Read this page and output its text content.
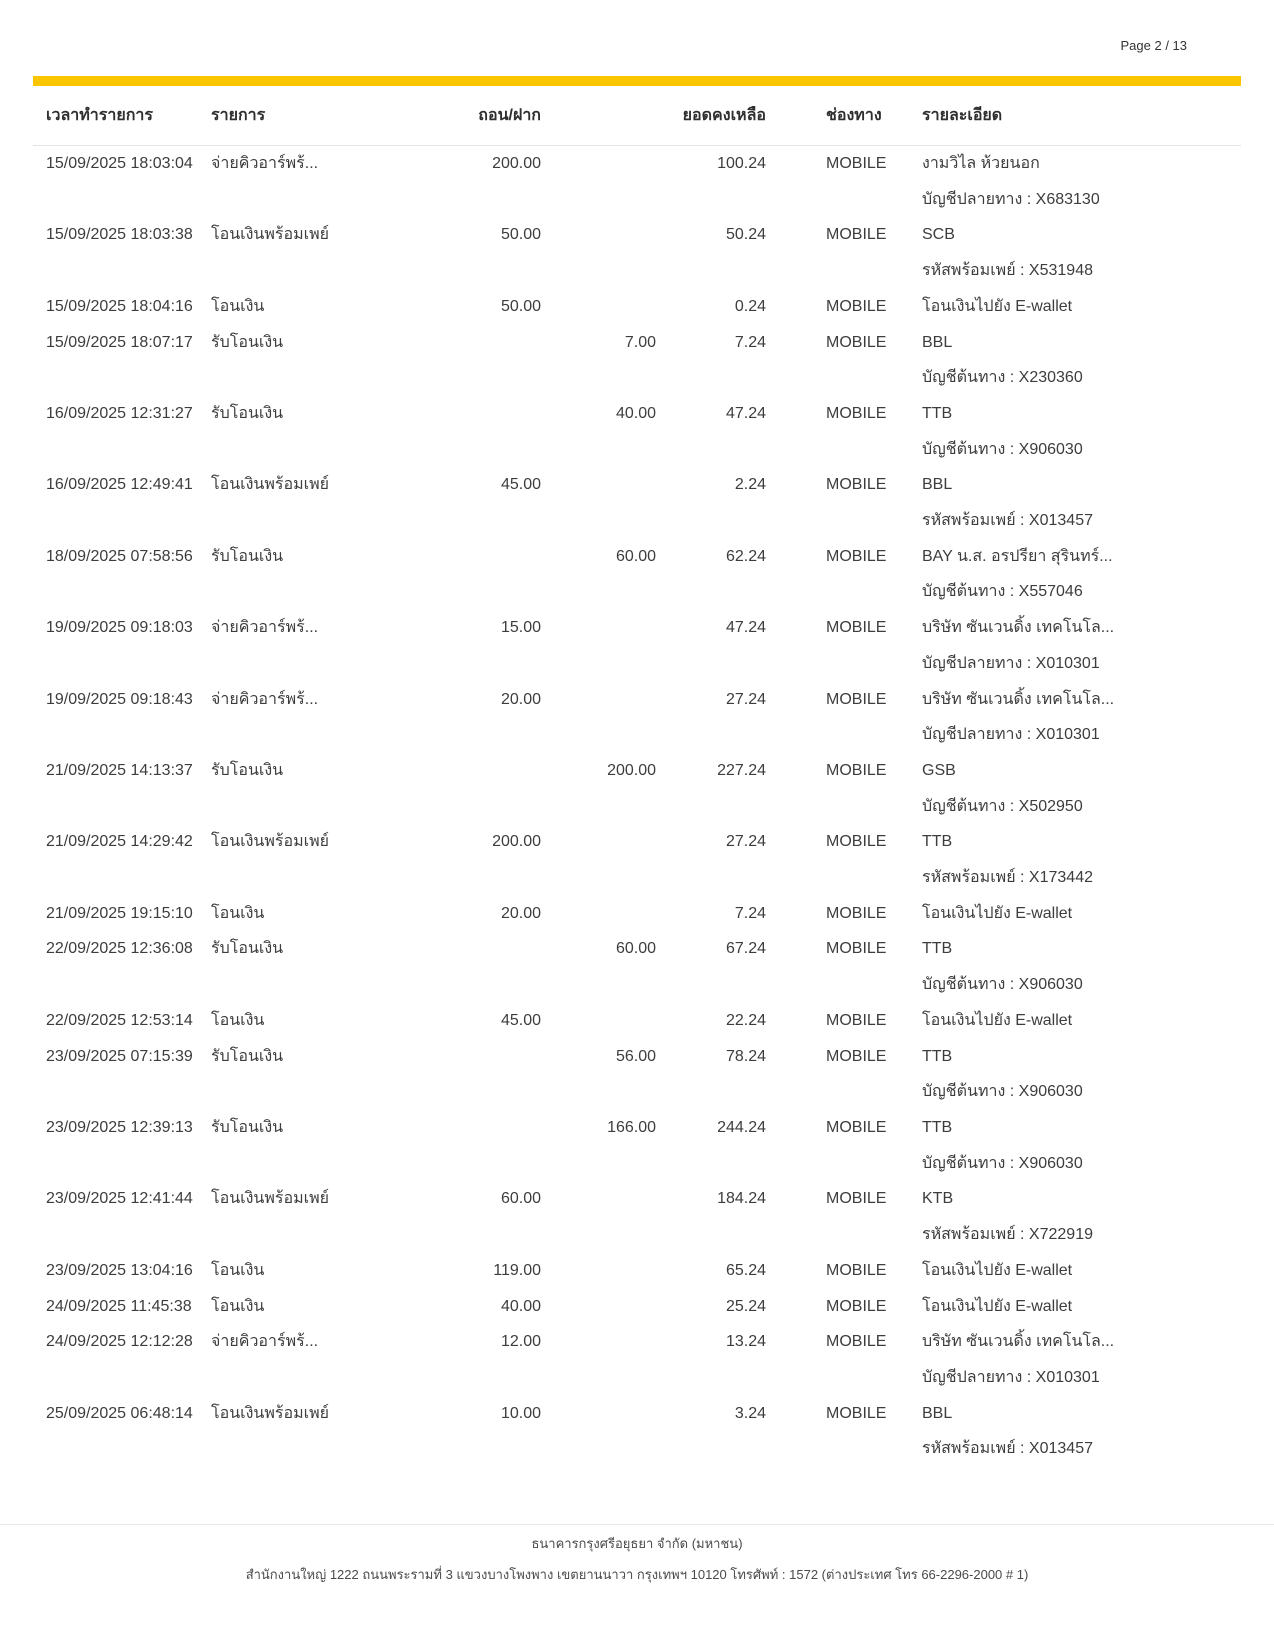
Page 2 / 13
เวลาทำรายการ	รายการ	ถอน/ฝาก	ยอดคงเหลือ	ช่องทาง	รายละเอียด
15/09/2025 18:03:04	จ่ายคิวอาร์พร้...	200.00	100.24	MOBILE	งามวิไล ห้วยนอก
บัญชีปลายทาง : X683130
15/09/2025 18:03:38	โอนเงินพร้อมเพย์	50.00	50.24	MOBILE	SCB
รหัสพร้อมเพย์ : X531948
15/09/2025 18:04:16	โอนเงิน	50.00	0.24	MOBILE	โอนเงินไปยัง E-wallet
15/09/2025 18:07:17	รับโอนเงิน	7.00	7.24	MOBILE	BBL
บัญชีต้นทาง : X230360
16/09/2025 12:31:27	รับโอนเงิน	40.00	47.24	MOBILE	TTB
บัญชีต้นทาง : X906030
16/09/2025 12:49:41	โอนเงินพร้อมเพย์	45.00	2.24	MOBILE	BBL
รหัสพร้อมเพย์ : X013457
18/09/2025 07:58:56	รับโอนเงิน	60.00	62.24	MOBILE	BAY น.ส. อรปรียา สุรินทร์...
บัญชีต้นทาง : X557046
19/09/2025 09:18:03	จ่ายคิวอาร์พร้...	15.00	47.24	MOBILE	บริษัท ซันเวนดิ้ง เทคโนโล...
บัญชีปลายทาง : X010301
19/09/2025 09:18:43	จ่ายคิวอาร์พร้...	20.00	27.24	MOBILE	บริษัท ซันเวนดิ้ง เทคโนโล...
บัญชีปลายทาง : X010301
21/09/2025 14:13:37	รับโอนเงิน	200.00	227.24	MOBILE	GSB
บัญชีต้นทาง : X502950
21/09/2025 14:29:42	โอนเงินพร้อมเพย์	200.00	27.24	MOBILE	TTB
รหัสพร้อมเพย์ : X173442
21/09/2025 19:15:10	โอนเงิน	20.00	7.24	MOBILE	โอนเงินไปยัง E-wallet
22/09/2025 12:36:08	รับโอนเงิน	60.00	67.24	MOBILE	TTB
บัญชีต้นทาง : X906030
22/09/2025 12:53:14	โอนเงิน	45.00	22.24	MOBILE	โอนเงินไปยัง E-wallet
23/09/2025 07:15:39	รับโอนเงิน	56.00	78.24	MOBILE	TTB
บัญชีต้นทาง : X906030
23/09/2025 12:39:13	รับโอนเงิน	166.00	244.24	MOBILE	TTB
บัญชีต้นทาง : X906030
23/09/2025 12:41:44	โอนเงินพร้อมเพย์	60.00	184.24	MOBILE	KTB
รหัสพร้อมเพย์ : X722919
23/09/2025 13:04:16	โอนเงิน	119.00	65.24	MOBILE	โอนเงินไปยัง E-wallet
24/09/2025 11:45:38	โอนเงิน	40.00	25.24	MOBILE	โอนเงินไปยัง E-wallet
24/09/2025 12:12:28	จ่ายคิวอาร์พร้...	12.00	13.24	MOBILE	บริษัท ซันเวนดิ้ง เทคโนโล...
บัญชีปลายทาง : X010301
25/09/2025 06:48:14	โอนเงินพร้อมเพย์	10.00	3.24	MOBILE	BBL
รหัสพร้อมเพย์ : X013457
ธนาคารกรุงศรีอยุธยา จำกัด (มหาชน)
สำนักงานใหญ่ 1222 ถนนพระรามที่ 3 แขวงบางโพงพาง เขตยานนาวา กรุงเทพฯ 10120 โทรศัพท์ : 1572 (ต่างประเทศ โทร 66-2296-2000 # 1)
